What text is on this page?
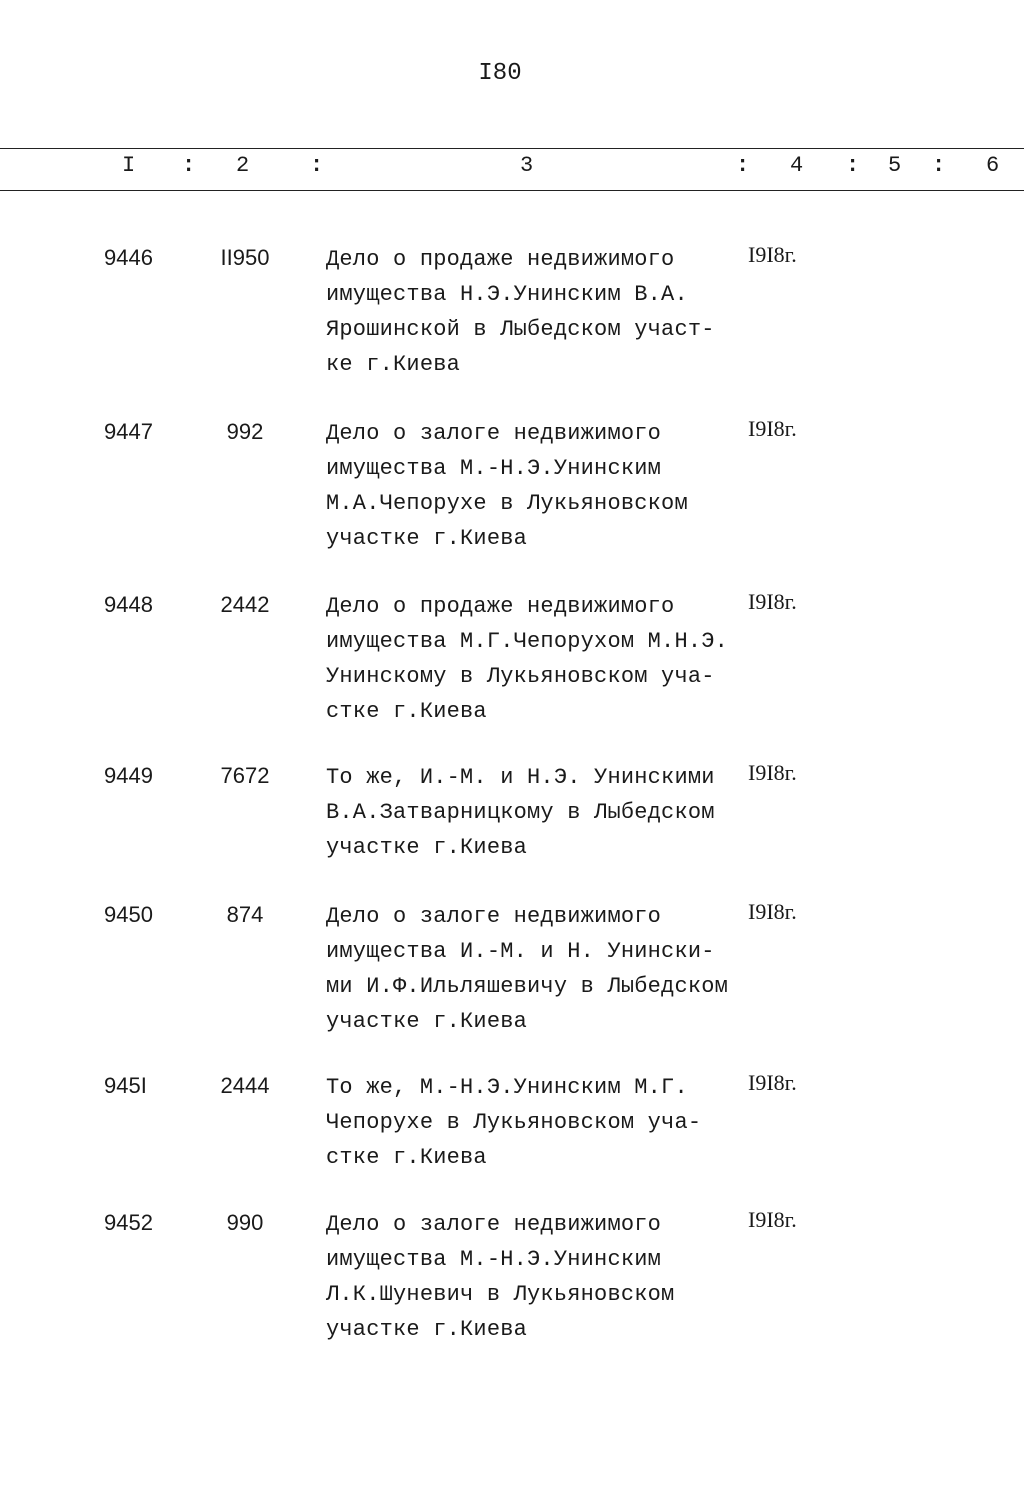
I80
I : 2	:	3	: 4 : 5 : 6
9446	II950	Дело о продаже недвижимого
имущества Н.Э.Унинским В.А.
Ярошинской в Лыбедском участ-
ке г.Киева
I9I8г.
9447	992	Дело о залоге недвижимого
имущества М.-Н.Э.Унинским
М.А.Чепорухе в Лукьяновском
участке г.Киева
I9I8г.
9448	2442	Дело о продаже недвижимого
имущества М.Г.Чепорухом М.Н.Э.
Унинскому в Лукьяновском уча-
стке г.Киева
I9I8г.
9449	7672	То же, И.-М. и Н.Э. Унинскими
В.А.Затварницкому в Лыбедском
участке г.Киева
I9I8г.
9450	874	Дело о залоге недвижимого
имущества И.-М. и Н. Унински-
ми И.Ф.Ильляшевичу в Лыбедском
участке г.Киева
I9I8г.
945I	2444	То же, М.-Н.Э.Унинским М.Г.
Чепорухе в Лукьяновском уча-
стке г.Киева
I9I8г.
9452	990	Дело о залоге недвижимого
имущества М.-Н.Э.Унинским
Л.К.Шуневич в Лукьяновском
участке г.Киева
I9I8г.
